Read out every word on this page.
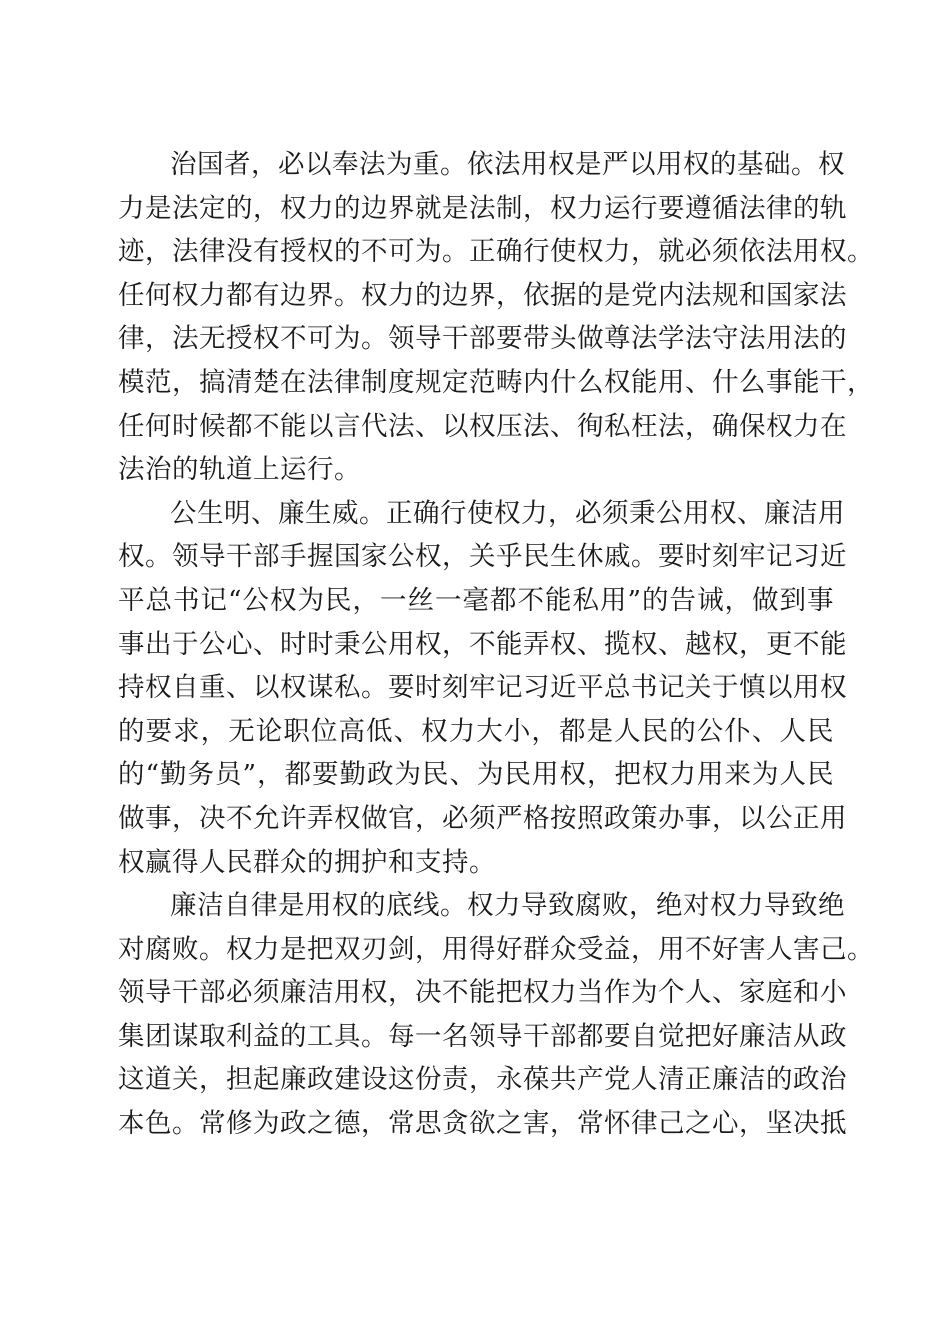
治国者，必以奉法为重。依法用权是严以用权的基础。权
力是法定的，权力的边界就是法制，权力运行要遵循法律的轨
迹，法律没有授权的不可为。正确行使权力，就必须依法用权。
任何权力都有边界。权力的边界，依据的是党内法规和国家法
律，法无授权不可为。领导干部要带头做尊法学法守法用法的
模范，搞清楚在法律制度规定范畴内什么权能用、什么事能干，
任何时候都不能以言代法、以权压法、徇私枉法，确保权力在
法治的轨道上运行。
公生明、廉生威。正确行使权力，必须秉公用权、廉洁用
权。领导干部手握国家公权，关乎民生休戚。要时刻牢记习近
平总书记“公权为民，一丝一毫都不能私用”的告诫，做到事
事出于公心、时时秉公用权，不能弄权、揽权、越权，更不能
持权自重、以权谋私。要时刻牢记习近平总书记关于慎以用权
的要求，无论职位高低、权力大小，都是人民的公仆、人民
的“勤务员”，都要勤政为民、为民用权，把权力用来为人民
做事，决不允许弄权做官，必须严格按照政策办事，以公正用
权赢得人民群众的拥护和支持。
廉洁自律是用权的底线。权力导致腐败，绝对权力导致绝
对腐败。权力是把双刃剑，用得好群众受益，用不好害人害己。
领导干部必须廉洁用权，决不能把权力当作为个人、家庭和小
集团谋取利益的工具。每一名领导干部都要自觉把好廉洁从政
这道关，担起廉政建设这份责，永葆共产党人清正廉洁的政治
本色。常修为政之德，常思贪欲之害，常怀律己之心，坚决抵
